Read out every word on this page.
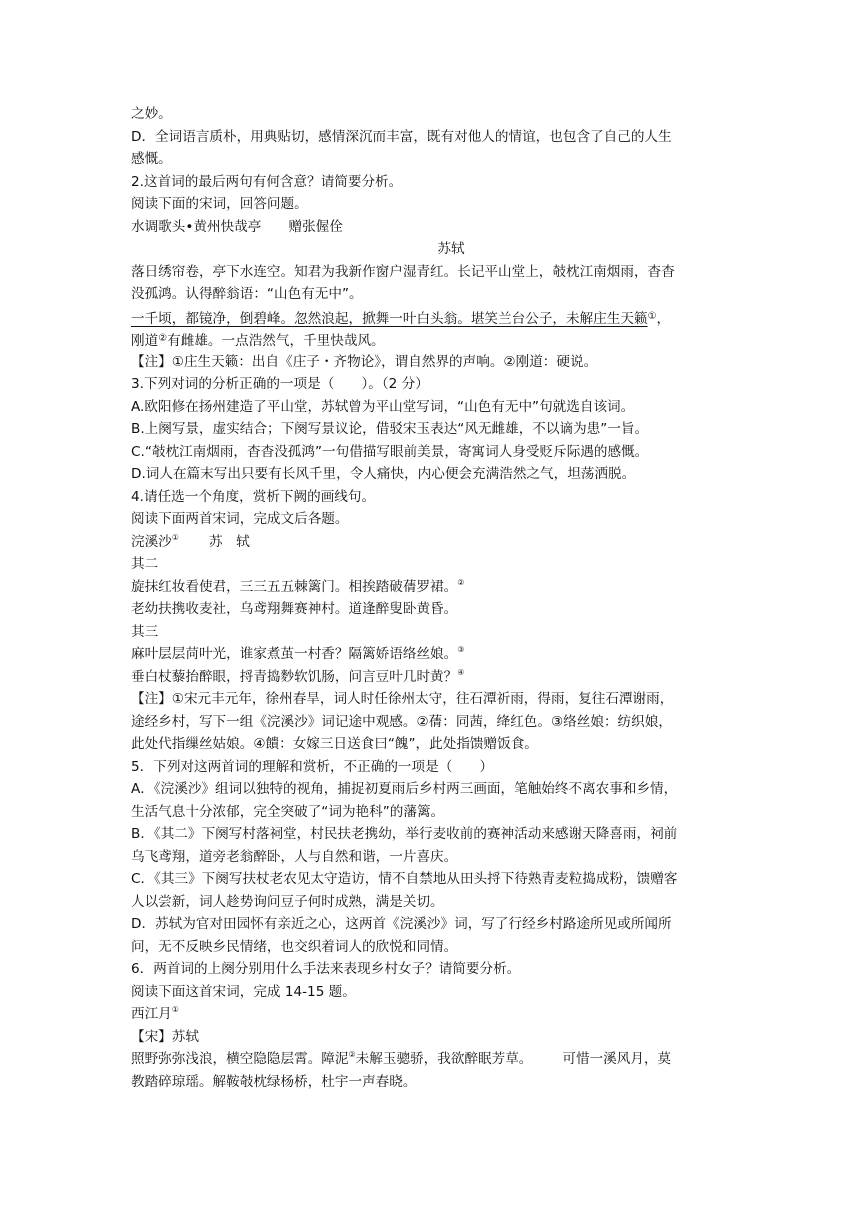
之妙。
D．全词语言质朴，用典贴切，感情深沉而丰富，既有对他人的情谊，也包含了自己的人生
感慨。
2.这首词的最后两句有何含意？请简要分析。
阅读下面的宋词，回答问题。
水调歌头•黄州快哉亭　　赠张偓佺
苏轼
落日绣帘卷，亭下水连空。知君为我新作窗户湿青红。长记平山堂上，攲枕江南烟雨，杳杳
没孤鸿。认得醉翁语：“山色有无中”。
一千顷，都镜净，倒碧峰。忽然浪起，掀舞一叶白头翁。堪笑兰台公子，未解庄生天籁①，
刚道②有雌雄。一点浩然气，千里快哉风。
【注】①庄生天籁：出自《庄子・齐物论》，谓自然界的声响。②刚道：硬说。
3.下列对词的分析正确的一项是（　　）。（2 分）
A.欧阳修在扬州建造了平山堂，苏轼曾为平山堂写词，“山色有无中”句就选自该词。
B.上阕写景，虚实结合；下阕写景议论，借驳宋玉表达“风无雌雄，不以谪为患”一旨。
C.“攲枕江南烟雨，杳杳没孤鸿”一句借描写眼前美景，寄寓词人身受贬斥际遇的感慨。
D.词人在篇末写出只要有长风千里，令人痛快，内心便会充满浩然之气，坦荡洒脱。
4.请任选一个角度，赏析下阙的画线句。
阅读下面两首宋词，完成文后各题。
浣溪沙① 苏　轼
其二
旋抹红妆看使君，三三五五棘篱门。相挨踏破蒨罗裙。②
老幼扶携收麦社，乌鸢翔舞赛神村。道逢醉叟卧黄昏。
其三
麻叶层层苘叶光，谁家煮茧一村香？隔篱娇语络丝娘。③
垂白杖藜抬醉眼，捋青捣麨软饥肠，问言豆叶几时黄？④
【注】①宋元丰元年，徐州春旱，词人时任徐州太守，往石潭祈雨，得雨，复往石潭谢雨，
途经乡村，写下一组《浣溪沙》词记途中观感。②蒨：同茜，绛红色。③络丝娘：纺织娘，
此处代指缫丝姑娘。④饋：女嫁三日送食曰“餽”，此处指馈赠饭食。
5．下列对这两首词的理解和赏析，不正确的一项是（　　）
A．《浣溪沙》组词以独特的视角，捕捉初夏雨后乡村两三画面，笔触始终不离农事和乡情，
生活气息十分浓郁，完全突破了“词为艳科”的藩篱。
B．《其二》下阕写村落祠堂，村民扶老携幼，举行麦收前的赛神活动来感谢天降喜雨，祠前
乌飞鸢翔，道旁老翁醉卧，人与自然和谐，一片喜庆。
C．《其三》下阕写扶杖老农见太守造访，情不自禁地从田头捋下待熟青麦粒捣成粉，馈赠客
人以尝新，词人趁势询问豆子何时成熟，满是关切。
D．苏轼为官对田园怀有亲近之心，这两首《浣溪沙》词，写了行经乡村路途所见或所闻所
问，无不反映乡民情绪，也交织着词人的欣悦和同情。
6．两首词的上阕分别用什么手法来表现乡村女子？请简要分析。
阅读下面这首宋词，完成 14-15 题。
西江月①
【宋】苏轼
照野弥弥浅浪，横空隐隐层霄。障泥②未解玉骢骄，我欲醉眠芳草。 可惜一溪风月，莫
教踏碎琼瑶。解鞍攲枕绿杨桥，杜宇一声春晓。
